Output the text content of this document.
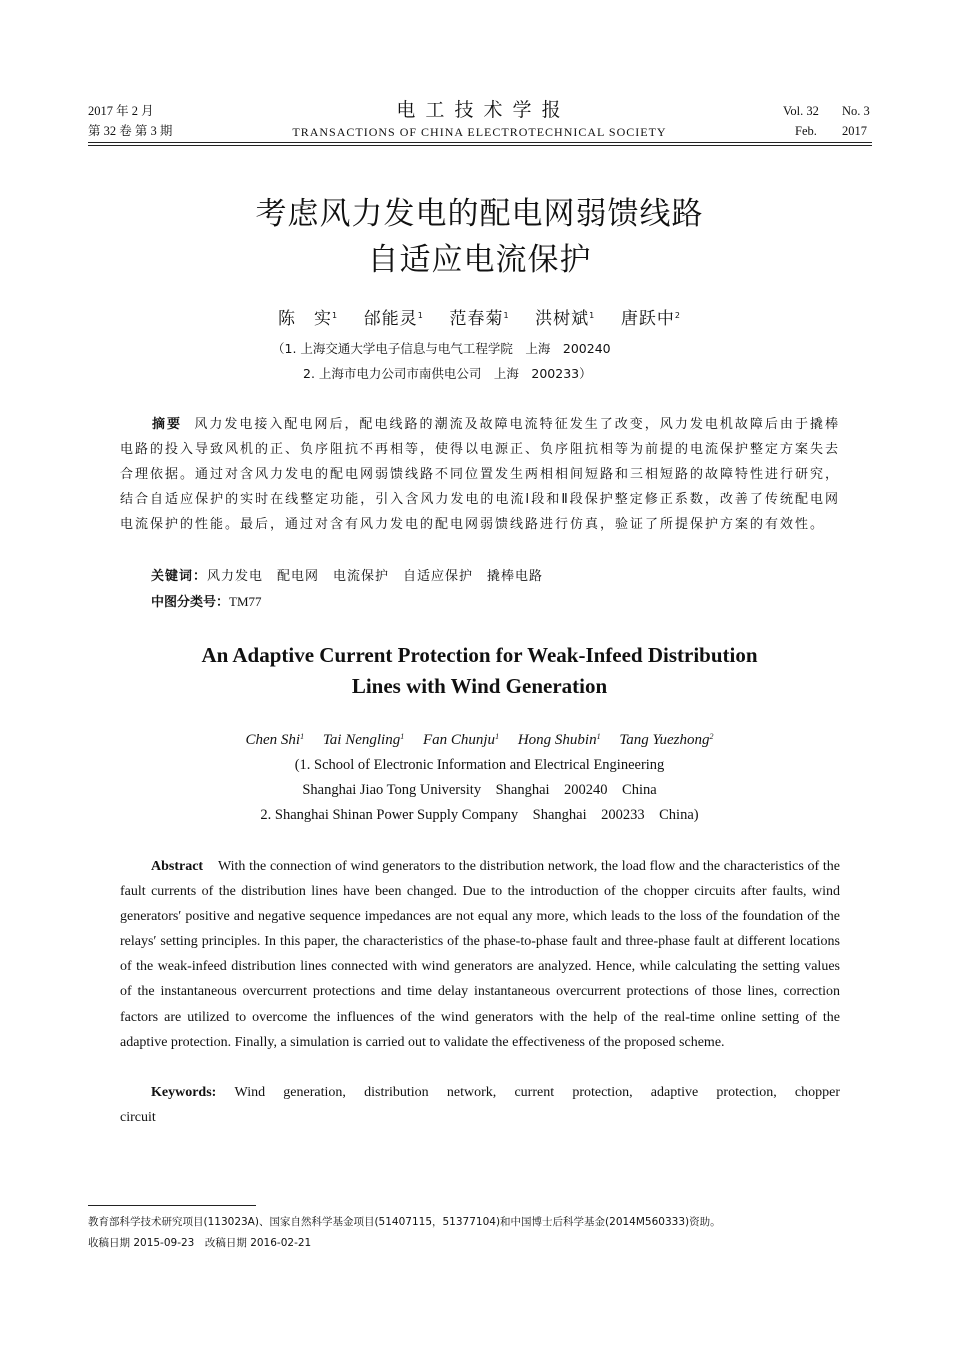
2017 年 2 月
第 32 卷 第 3 期
电 工 技 术 学 报
TRANSACTIONS OF CHINA ELECTROTECHNICAL SOCIETY
Vol. 32 No. 3
Feb. 2017
考虑风力发电的配电网弱馈线路
自适应电流保护
陈　实$^1$ 邰能灵$^1$ 范春菊$^1$ 洪树斌$^1$ 唐跃中$^2$
（1. 上海交通大学电子信息与电气工程学院　上海　200240
2. 上海市电力公司市南供电公司　上海　200233）
摘要 风力发电接入配电网后，配电线路的潮流及故障电流特征发生了改变，风力发电机故障后由于撬棒电路的投入导致风机的正、负序阻抗不再相等，使得以电源正、负序阻抗相等为前提的电流保护整定方案失去合理依据。通过对含风力发电的配电网弱馈线路不同位置发生两相相间短路和三相短路的故障特性进行研究，结合自适应保护的实时在线整定功能，引入含风力发电的电流Ⅰ段和Ⅱ段保护整定修正系数，改善了传统配电网电流保护的性能。最后，通过对含有风力发电的配电网弱馈线路进行仿真，验证了所提保护方案的有效性。
关键词：风力发电　配电网　电流保护　自适应保护　撬棒电路
中图分类号：TM77
An Adaptive Current Protection for Weak-Infeed Distribution
Lines with Wind Generation
Chen Shi$^1$ Tai Nengling$^1$ Fan Chunju$^1$ Hong Shubin$^1$ Tang Yuezhong$^2$
(1. School of Electronic Information and Electrical Engineering
Shanghai Jiao Tong University　Shanghai　200240　China
2. Shanghai Shinan Power Supply Company　Shanghai　200233　China)
Abstract With the connection of wind generators to the distribution network, the load flow and the characteristics of the fault currents of the distribution lines have been changed. Due to the introduction of the chopper circuits after faults, wind generators′ positive and negative sequence impedances are not equal any more, which leads to the loss of the foundation of the relays′ setting principles. In this paper, the characteristics of the phase-to-phase fault and three-phase fault at different locations of the weak-infeed distribution lines connected with wind generators are analyzed. Hence, while calculating the setting values of the instantaneous overcurrent protections and time delay instantaneous overcurrent protections of those lines, correction factors are utilized to overcome the influences of the wind generators with the help of the real-time online setting of the adaptive protection. Finally, a simulation is carried out to validate the effectiveness of the proposed scheme.
Keywords: Wind generation, distribution network, current protection, adaptive protection, chopper circuit
教育部科学技术研究项目(113023A)、国家自然科学基金项目(51407115，51377104)和中国博士后科学基金(2014M560333)资助。
收稿日期 2015-09-23　改稿日期 2016-02-21
